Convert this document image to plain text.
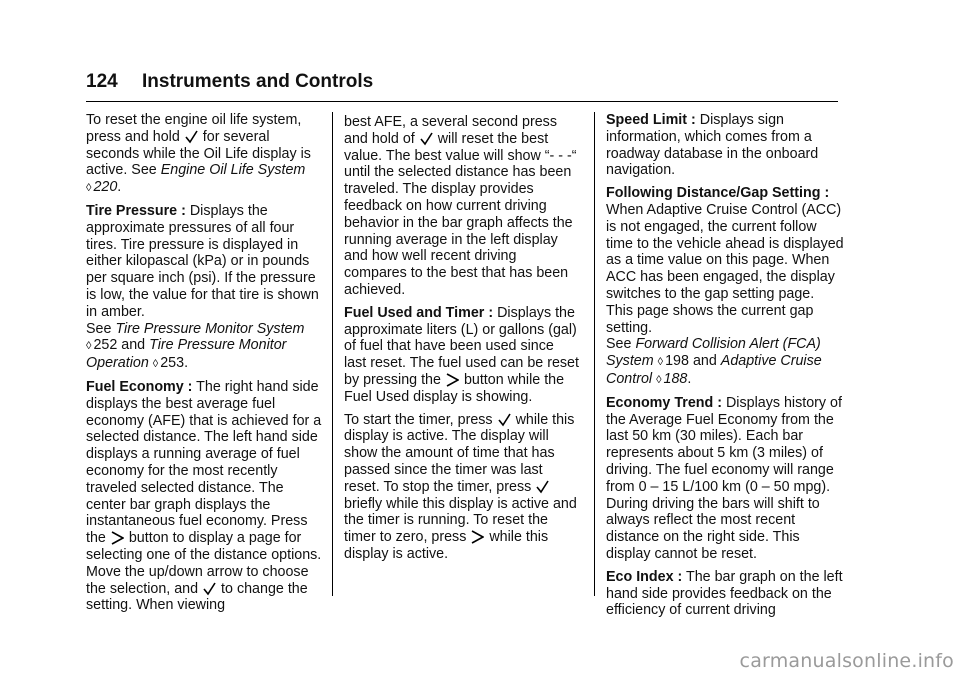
124 Instruments and Controls

To reset the engine oil life system, press and hold for several seconds while the Oil Life display is active. See Engine Oil Life System
◊ 220.

Tire Pressure : Displays the approximate pressures of all four tires. Tire pressure is displayed in either kilopascal (kPa) or in pounds per square inch (psi). If the pressure is low, the value for that tire is shown in amber.
See Tire Pressure Monitor System
◊ 252 and Tire Pressure Monitor Operation ◊ 253.

Fuel Economy : The right hand side displays the best average fuel economy (AFE) that is achieved for a selected distance. The left hand side displays a running average of fuel economy for the most recently traveled selected distance. The center bar graph displays the instantaneous fuel economy. Press the button to display a page for selecting one of the distance options. Move the up/down arrow to choose the selection, and to change the setting. When viewing

best AFE, a several second press and hold of will reset the best value. The best value will show “- - -“ until the selected distance has been traveled. The display provides feedback on how current driving behavior in the bar graph affects the running average in the left display and how well recent driving compares to the best that has been achieved.

Fuel Used and Timer : Displays the approximate liters (L) or gallons (gal) of fuel that have been used since last reset. The fuel used can be reset by pressing the button while the Fuel Used display is showing.

To start the timer, press while this display is active. The display will show the amount of time that has passed since the timer was last reset. To stop the timer, press  briefly while this display is active and the timer is running. To reset the timer to zero, press while this display is active.

Speed Limit : Displays sign information, which comes from a roadway database in the onboard navigation.

Following Distance/Gap Setting :
When Adaptive Cruise Control (ACC) is not engaged, the current follow time to the vehicle ahead is displayed as a time value on this page. When ACC has been engaged, the display switches to the gap setting page. This page shows the current gap setting.
See Forward Collision Alert (FCA) System ◊ 198 and Adaptive Cruise Control ◊ 188.

Economy Trend : Displays history of the Average Fuel Economy from the last 50 km (30 miles). Each bar represents about 5 km (3 miles) of driving. The fuel economy will range from 0 – 15 L/100 km (0 – 50 mpg). During driving the bars will shift to always reflect the most recent distance on the right side. This display cannot be reset.

Eco Index : The bar graph on the left hand side provides feedback on the efficiency of current driving

carmanualsonline.info
